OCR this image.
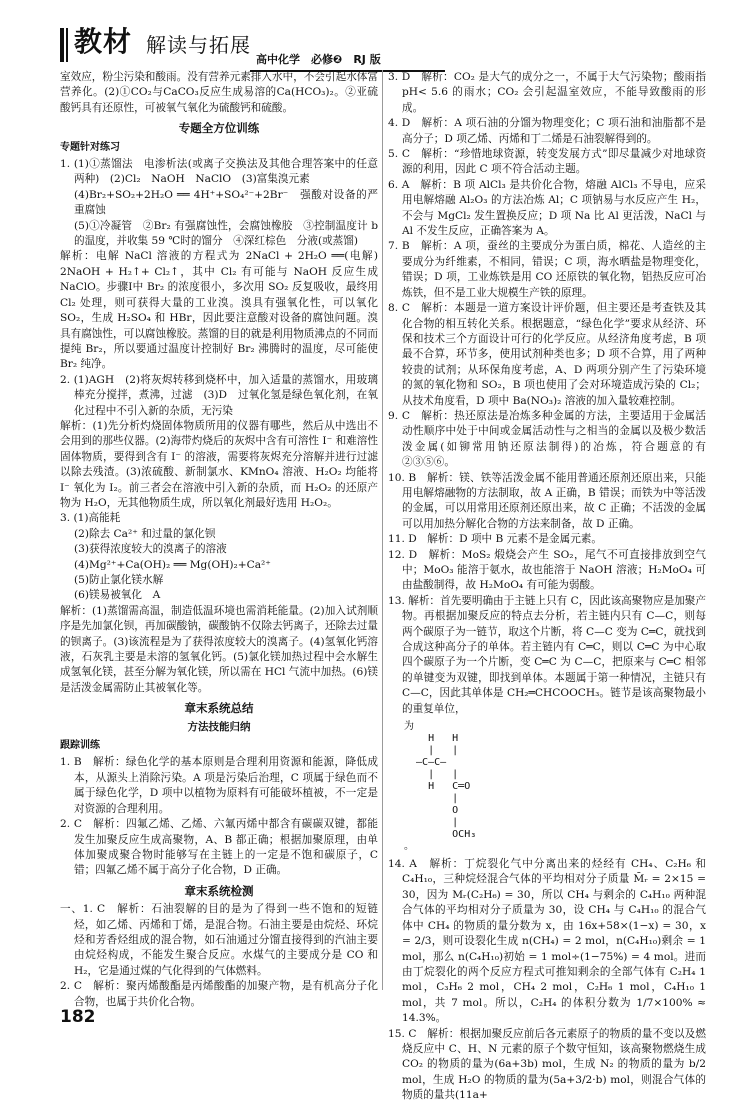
教材 解读与拓展
高中化学　必修❷　RJ 版

室效应，粉尘污染和酸雨。没有营养元素排入水中，不会引起水体富营养化。(2)①CO₂与CaCO₃反应生成易溶的Ca(HCO₃)₂。②亚硫酸钙具有还原性，可被氧气氧化为硫酸钙和硫酸。

专题全方位训练
专题针对练习

1. (1)①蒸馏法　电渗析法(或离子交换法及其他合理答案中的任意两种)　(2)Cl₂　NaOH　NaClO　(3)富集溴元素

(4)Br₂+SO₂+2H₂O ══ 4H⁺+SO₄²⁻+2Br⁻　强酸对设备的严重腐蚀

(5)①冷凝管　②Br₂ 有强腐蚀性，会腐蚀橡胶　③控制温度计 b 的温度，并收集 59 ℃时的馏分　④深红棕色　分液(或蒸馏)

解析：电解 NaCl 溶液的方程式为 2NaCl + 2H₂O ══(电解) 2NaOH + H₂↑+ Cl₂↑，其中 Cl₂ 有可能与 NaOH 反应生成 NaClO。步骤Ⅰ中 Br₂ 的浓度很小，多次用 SO₂ 反复吸收，最终用 Cl₂ 处理，则可获得大量的工业溴。溴具有强氧化性，可以氧化 SO₂，生成 H₂SO₄ 和 HBr，因此要注意酸对设备的腐蚀问题。溴具有腐蚀性，可以腐蚀橡胶。蒸馏的目的就是利用物质沸点的不同而提纯 Br₂，所以要通过温度计控制好 Br₂ 沸腾时的温度，尽可能使 Br₂ 纯净。

2. (1)AGH　(2)将灰烬转移到烧杯中，加入适量的蒸馏水，用玻璃棒充分搅拌，煮沸，过滤　(3)D　过氧化氢是绿色氧化剂，在氧化过程中不引入新的杂质，无污染

解析：(1)先分析灼烧固体物质所用的仪器有哪些，然后从中选出不会用到的那些仪器。(2)海带灼烧后的灰烬中含有可溶性 I⁻ 和难溶性固体物质，要得到含有 I⁻ 的溶液，需要将灰烬充分溶解并进行过滤以除去残渣。(3)浓硫酸、新制氯水、KMnO₄ 溶液、H₂O₂ 均能将 I⁻ 氧化为 I₂。前三者会在溶液中引入新的杂质，而 H₂O₂ 的还原产物为 H₂O，无其他物质生成，所以氧化剂最好选用 H₂O₂。

3. (1)高能耗

(2)除去 Ca²⁺ 和过量的氯化钡

(3)获得浓度较大的溴离子的溶液

(4)Mg²⁺+Ca(OH)₂ ══ Mg(OH)₂+Ca²⁺

(5)防止氯化镁水解

(6)镁易被氧化　A

解析：(1)蒸馏需高温，制造低温环境也需消耗能量。(2)加入试剂顺序是先加氯化钡，再加碳酸钠，碳酸钠不仅除去钙离子，还除去过量的钡离子。(3)该流程是为了获得浓度较大的溴离子。(4)氢氧化钙溶液，石灰乳主要是未溶的氢氧化钙。(5)氯化镁加热过程中会水解生成氢氧化镁，甚至分解为氧化镁，所以需在 HCl 气流中加热。(6)镁是活泼金属需防止其被氧化等。

章末系统总结
方法技能归纳
跟踪训练

1. B　解析：绿色化学的基本原则是合理利用资源和能源，降低成本，从源头上消除污染。A 项是污染后治理，C 项属于绿色而不属于绿色化学，D 项中以植物为原料有可能破坏植被，不一定是对资源的合理利用。

2. C　解析：四氟乙烯、乙烯、六氟丙烯中都含有碳碳双键，都能发生加聚反应生成高聚物，A、B 都正确；根据加聚原理，由单体加聚成聚合物时能够写在主链上的一定是不饱和碳原子，C 错；四氟乙烯不属于高分子化合物，D 正确。

章末系统检测

一、1. C　解析：石油裂解的目的是为了得到一些不饱和的短链烃，如乙烯、丙烯和丁烯，是混合物。石油主要是由烷烃、环烷烃和芳香烃组成的混合物，如石油通过分馏直接得到的汽油主要由烷烃构成，不能发生聚合反应。水煤气的主要成分是 CO 和 H₂，它是通过煤的气化得到的气体燃料。

2. C　解析：聚丙烯酸酯是丙烯酸酯的加聚产物，是有机高分子化合物，也属于共价化合物。

3. D　解析：CO₂ 是大气的成分之一，不属于大气污染物；酸雨指 pH< 5.6 的雨水；CO₂ 会引起温室效应，不能导致酸雨的形成。

4. D　解析：A 项石油的分馏为物理变化；C 项石油和油脂都不是高分子；D 项乙烯、丙烯和丁二烯是石油裂解得到的。

5. C　解析：“珍惜地球资源，转变发展方式”即尽量减少对地球资源的利用，因此 C 项不符合活动主题。

6. A　解析：B 项 AlCl₃ 是共价化合物，熔融 AlCl₃ 不导电，应采用电解熔融 Al₂O₃ 的方法冶炼 Al；C 项钠易与水反应产生 H₂，不会与 MgCl₂ 发生置换反应；D 项 Na 比 Al 更活泼，NaCl 与 Al 不发生反应，正确答案为 A。

7. B　解析：A 项，蚕丝的主要成分为蛋白质，棉花、人造丝的主要成分为纤维素，不相同，错误；C 项，海水晒盐是物理变化，错误；D 项，工业炼铁是用 CO 还原铁的氧化物，铝热反应可冶炼铁，但不是工业大规模生产铁的原理。

8. C　解析：本题是一道方案设计评价题，但主要还是考查铁及其化合物的相互转化关系。根据题意，“绿色化学”要求从经济、环保和技术三个方面设计可行的化学反应。从经济角度考虑，B 项最不合算，环节多，使用试剂种类也多；D 项不合算，用了两种较贵的试剂；从环保角度考虑，A、D 两项分别产生了污染环境的氮的氧化物和 SO₂，B 项也使用了会对环境造成污染的 Cl₂；从技术角度看，D 项中 Ba(NO₃)₂ 溶液的加入量较难控制。

9. C　解析：热还原法是冶炼多种金属的方法，主要适用于金属活动性顺序中处于中间或金属活动性与之相当的金属以及极少数活泼金属(如铆常用钠还原法制得)的冶炼，符合题意的有②③⑤⑥。

10. B　解析：镁、铁等活泼金属不能用普通还原剂还原出来，只能用电解熔融物的方法制取，故 A 正确，B 错误；而铁为中等活泼的金属，可以用常用还原剂还原出来，故 C 正确；不活泼的金属可以用加热分解化合物的方法来制备，故 D 正确。

11. D　解析：D 项中 B 元素不是金属元素。

12. D　解析：MoS₂ 煅烧会产生 SO₂，尾气不可直接排放到空气中；MoO₃ 能溶于氨水，故也能溶于 NaOH 溶液；H₂MoO₄ 可由盐酸制得，故 H₂MoO₄ 有可能为弱酸。

13. 解析：首先要明确由于主链上只有 C，因此该高聚物应是加聚产物。再根据加聚反应的特点去分析，若主链内只有 C—C，则每两个碳原子为一链节，取这个片断，将 C—C 变为 C═C，就找到合成这种高分子的单体。若主链内有 C═C，则以 C═C 为中心取四个碳原子为一个片断，变 C═C 为 C—C，把原来与 C═C 相邻的单键变为双键，即找到单体。本题属于第一种情况，主链只有 C—C，因此其单体是 CH₂═CHCOOCH₃。链节是该高聚物最小的重复单位，

为
H   H
|   |
—C—C—
|   |
H   C═O
|
O
|
OCH₃
。

14. A　解析：丁烷裂化气中分离出来的烃经有 CH₄、C₂H₆ 和 C₄H₁₀，三种烷烃混合气体的平均相对分子质量 M̄ᵣ = 2×15 = 30，因为 Mᵣ(C₂H₆) = 30，所以 CH₄ 与剩余的 C₄H₁₀ 两种混合气体的平均相对分子质量为 30，设 CH₄ 与 C₄H₁₀ 的混合气体中 CH₄ 的物质的量分数为 x，由 16x+58×(1−x) = 30，x = 2/3，则可设裂化生成 n(CH₄) = 2 mol，n(C₄H₁₀)剩余 = 1 mol，那么 n(C₄H₁₀)初始 = 1 mol÷(1−75%) = 4 mol。进而由丁烷裂化的两个反应方程式可推知剩余的全部气体有 C₂H₄ 1 mol，C₃H₆ 2 mol，CH₄ 2 mol，C₂H₆ 1 mol，C₄H₁₀ 1 mol，共 7 mol。所以，C₂H₄ 的体积分数为 1/7×100% ≈ 14.3%。

15. C　解析：根据加聚反应前后各元素原子的物质的量不变以及燃烧反应中 C、H、N 元素的原子个数守恒知，该高聚物燃烧生成 CO₂ 的物质的量为(6a+3b) mol，生成 N₂ 的物质的量为 b/2 mol，生成 H₂O 的物质的量为(5a+3/2·b) mol，则混合气体的物质的量共(11a+

182
